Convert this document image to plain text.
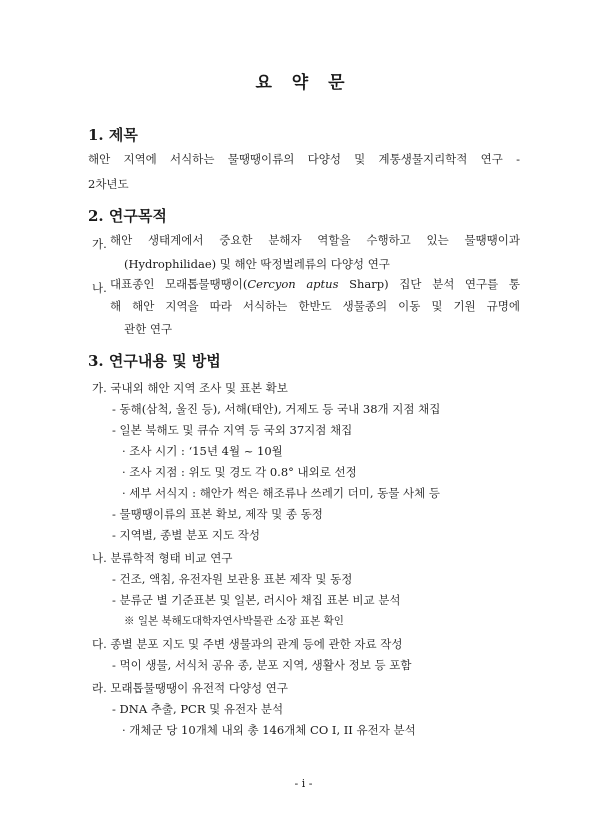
요 약 문
1. 제목
해안 지역에 서식하는 물땡땡이류의 다양성 및 계통생물지리학적 연구 -
2차년도
2. 연구목적
가. 해안 생태계에서 중요한 분해자 역할을 수행하고 있는 물땡땡이과
(Hydrophilidae) 및 해안 딱정벌레류의 다양성 연구
나. 대표종인 모래톱물땡땡이(Cercyon aptus Sharp) 집단 분석 연구를 통
해 해안 지역을 따라 서식하는 한반도 생물종의 이동 및 기원 규명에
관한 연구
3. 연구내용 및 방법
가. 국내외 해안 지역 조사 및 표본 확보
- 동해(삼척, 울진 등), 서해(태안), 거제도 등 국내 38개 지점 채집
- 일본 북해도 및 큐슈 지역 등 국외 37지점 채집
· 조사 시기 : ‘15년 4월 ~ 10월
· 조사 지점 : 위도 및 경도 각 0.8° 내외로 선정
· 세부 서식지 : 해안가 썩은 해조류나 쓰레기 더미, 동물 사체 등
- 물땡땡이류의 표본 확보, 제작 및 종 동정
- 지역별, 종별 분포 지도 작성
나. 분류학적 형태 비교 연구
- 건조, 액침, 유전자원 보관용 표본 제작 및 동정
- 분류군 별 기준표본 및 일본, 러시아 채집 표본 비교 분석
※ 일본 북해도대학자연사박물관 소장 표본 확인
다. 종별 분포 지도 및 주변 생물과의 관계 등에 관한 자료 작성
- 먹이 생물, 서식처 공유 종, 분포 지역, 생활사 정보 등 포함
라. 모래톱물땡땡이 유전적 다양성 연구
- DNA 추출, PCR 및 유전자 분석
· 개체군 당 10개체 내외 총 146개체 CO I, II 유전자 분석
- i -
